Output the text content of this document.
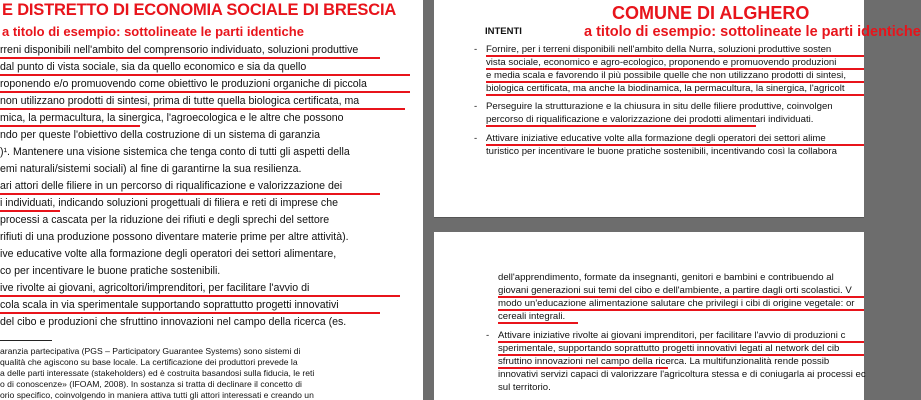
E DISTRETTO DI ECONOMIA SOCIALE DI BRESCIA
a titolo di esempio: sottolineate le parti identiche
rreni disponibili nell'ambito del comprensorio individuato, soluzioni produttive
dal punto di vista sociale, sia da quello economico e sia da quello
roponendo e/o promuovendo come obiettivo le produzioni organiche di piccola
non utilizzano prodotti di sintesi, prima di tutte quella biologica certificata, ma
mica, la permacultura, la sinergica, l'agroecologica e le altre che possono
ndo per queste l'obiettivo della costruzione di un sistema di garanzia
)¹. Mantenere una visione sistemica che tenga conto di tutti gli aspetti della
emi naturali/sistemi sociali) al fine di garantirne la sua resilienza.
ari attori delle filiere in un percorso di riqualificazione e valorizzazione dei
i individuati, indicando soluzioni progettuali di filiera e reti di imprese che
processi a cascata per la riduzione dei rifiuti e degli sprechi del settore
rifiuti di una produzione possono diventare materie prime per altre attività).
ive educative volte alla formazione degli operatori dei settori alimentare,
co per incentivare le buone pratiche sostenibili.
ive rivolte ai giovani, agricoltori/imprenditori, per facilitare l'avvio di
cola scala in via sperimentale supportando soprattutto progetti innovativi
del cibo e produzioni che sfruttino innovazioni nel campo della ricerca (es.
aranzia partecipativa (PGS – Participatory Guarantee Systems) sono sistemi di
qualità che agiscono su base locale. La certificazione dei produttori prevede la
a delle parti interessate (stakeholders) ed è costruita basandosi sulla fiducia, le reti
o di conoscenze» (IFOAM, 2008). In sostanza si tratta di declinare il concetto di
orio specifico, coinvolgendo in maniera attiva tutti gli attori interessati e creando un
COMUNE DI ALGHERO
INTENTI	a titolo di esempio: sottolineate le parti identiche
- Fornire, per i terreni disponibili nell'ambito della Nurra, soluzioni produttive sosten
vista sociale, economico e agro-ecologico, proponendo e promuovendo produzioni
e media scala e favorendo il più possibile quelle che non utilizzano prodotti di sintesi,
biologica certificata, ma anche la biodinamica, la permacultura, la sinergica, l'agricolt
- Perseguire la strutturazione e la chiusura in situ delle filiere produttive, coinvolgen
percorso di riqualificazione e valorizzazione dei prodotti alimentari individuati.
- Attivare iniziative educative volte alla formazione degli operatori dei settori alime
turistico per incentivare le buone pratiche sostenibili, incentivando così la collabora
dell'apprendimento, formate da insegnanti, genitori e bambini e contribuendo al
giovani generazioni sui temi del cibo e dell'ambiente, a partire dagli orti scolastici. V
modo un'educazione alimentazione salutare che privilegi i cibi di origine vegetale: or
cereali integrali.
- Attivare iniziative rivolte ai giovani imprenditori, per facilitare l'avvio di produzioni c
sperimentale, supportando soprattutto progetti innovativi legati al network del cib
sfruttino innovazioni nel campo della ricerca. La multifunzionalità rende possib
innovativi servizi capaci di valorizzare l'agricoltura stessa e di coniugarla ai processi ec
sul territorio.
